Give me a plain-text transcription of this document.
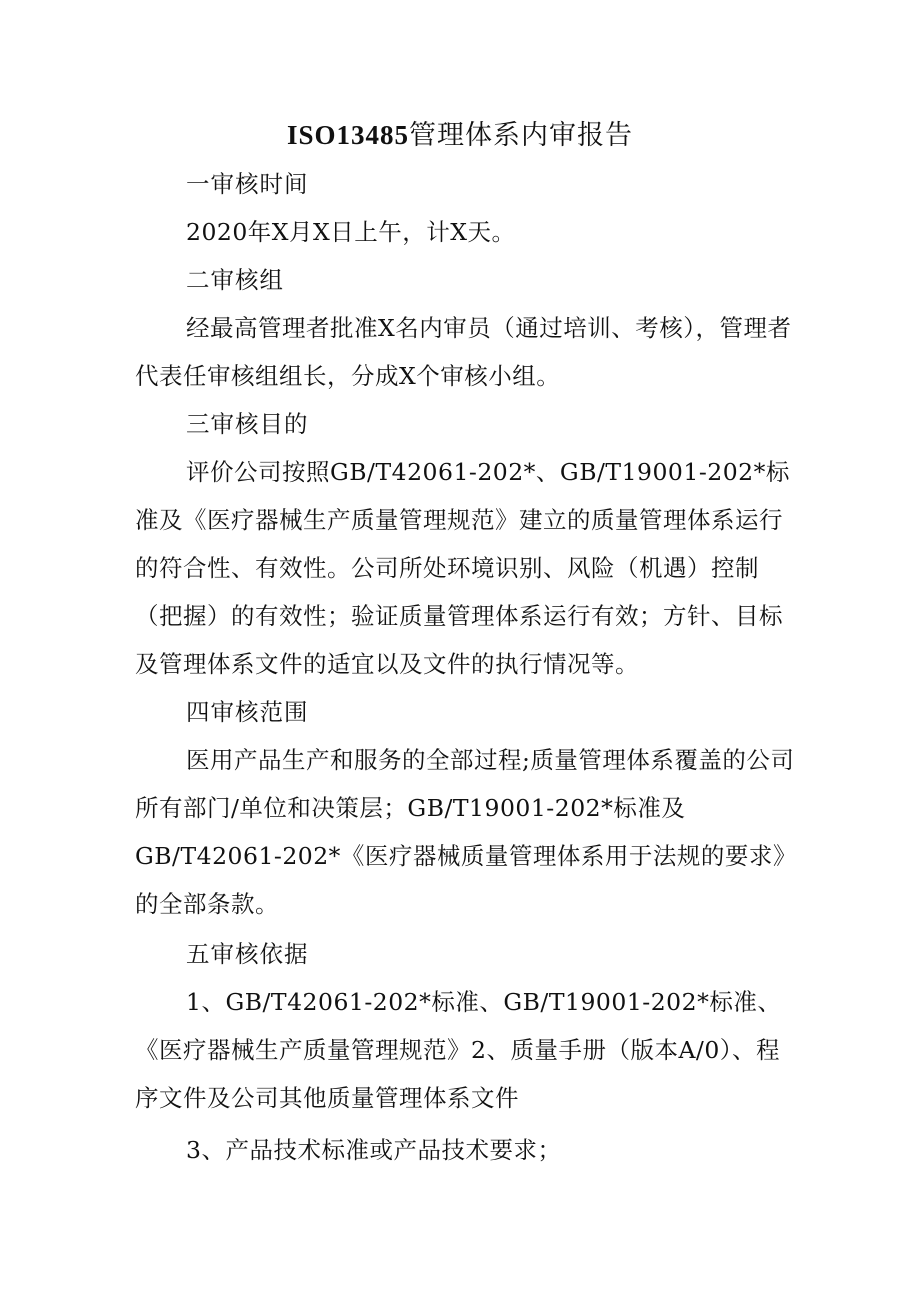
ISO13485管理体系内审报告
一审核时间
2020年X月X日上午，计X天。
二审核组
经最高管理者批准X名内审员（通过培训、考核），管理者代表任审核组组长，分成X个审核小组。
三审核目的
评价公司按照GB/T42061-202*、GB/T19001-202*标准及《医疗器械生产质量管理规范》建立的质量管理体系运行的符合性、有效性。公司所处环境识别、风险（机遇）控制（把握）的有效性；验证质量管理体系运行有效；方针、目标及管理体系文件的适宜以及文件的执行情况等。
四审核范围
医用产品生产和服务的全部过程;质量管理体系覆盖的公司所有部门/单位和决策层；GB/T19001-202*标准及GB/T42061-202*《医疗器械质量管理体系用于法规的要求》的全部条款。
五审核依据
1、GB/T42061-202*标准、GB/T19001-202*标准、《医疗器械生产质量管理规范》2、质量手册（版本A/0）、程序文件及公司其他质量管理体系文件
3、产品技术标准或产品技术要求；
